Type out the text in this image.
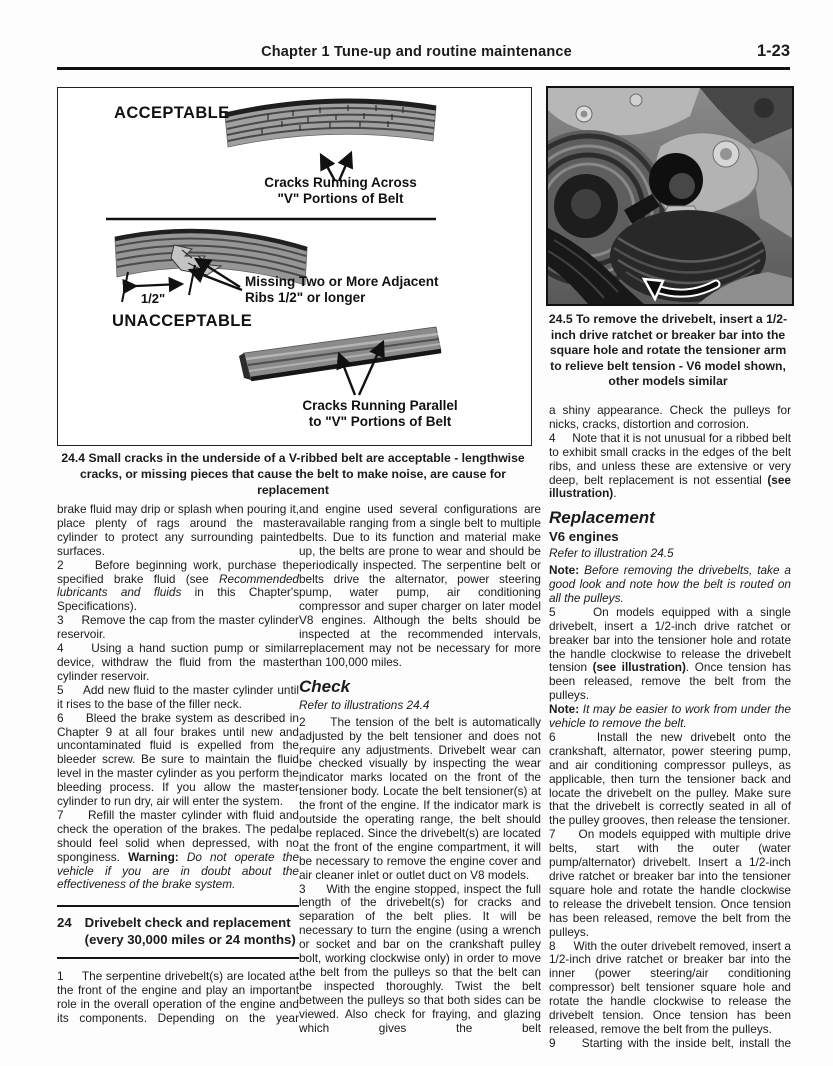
Chapter 1 Tune-up and routine maintenance	1-23
ACCEPTABLE
Cracks Running Across
"V" Portions of Belt
Missing Two or More Adjacent
Ribs 1/2" or longer
1/2"
UNACCEPTABLE
Cracks Running Parallel
to "V" Portions of Belt
24.4 Small cracks in the underside of a V-ribbed belt are acceptable - lengthwise cracks, or missing pieces that cause the belt to make noise, are cause for replacement
24.5 To remove the drivebelt, insert a 1/2-inch drive ratchet or breaker bar into the square hole and rotate the tensioner arm to relieve belt tension - V6 model shown, other models similar
brake fluid may drip or splash when pouring it, place plenty of rags around the master cylinder to protect any surrounding painted surfaces.
2     Before beginning work, purchase the specified brake fluid (see Recommended lubricants and fluids in this Chapter's Specifications).
3     Remove the cap from the master cylinder reservoir.
4     Using a hand suction pump or similar device, withdraw the fluid from the master cylinder reservoir.
5     Add new fluid to the master cylinder until it rises to the base of the filler neck.
6     Bleed the brake system as described in Chapter 9 at all four brakes until new and uncontaminated fluid is expelled from the bleeder screw. Be sure to maintain the fluid level in the master cylinder as you perform the bleeding process. If you allow the master cylinder to run dry, air will enter the system.
7     Refill the master cylinder with fluid and check the operation of the brakes. The pedal should feel solid when depressed, with no sponginess. Warning: Do not operate the vehicle if you are in doubt about the effectiveness of the brake system.
24 Drivebelt check and replacement
(every 30,000 miles or 24 months)
1     The serpentine drivebelt(s) are located at the front of the engine and play an important role in the overall operation of the engine and its components. Depending on the year
and engine used several configurations are available ranging from a single belt to multiple belts. Due to its function and material make up, the belts are prone to wear and should be periodically inspected. The serpentine belt or belts drive the alternator, power steering pump, water pump, air conditioning compressor and super charger on later model V8 engines. Although the belts should be inspected at the recommended intervals, replacement may not be necessary for more than 100,000 miles.
Check
Refer to illustrations 24.4
2     The tension of the belt is automatically adjusted by the belt tensioner and does not require any adjustments. Drivebelt wear can be checked visually by inspecting the wear indicator marks located on the front of the tensioner body. Locate the belt tensioner(s) at the front of the engine. If the indicator mark is outside the operating range, the belt should be replaced. Since the drivebelt(s) are located at the front of the engine compartment, it will be necessary to remove the engine cover and air cleaner inlet or outlet duct on V8 models.
3     With the engine stopped, inspect the full length of the drivebelt(s) for cracks and separation of the belt plies. It will be necessary to turn the engine (using a wrench or socket and bar on the crankshaft pulley bolt, working clockwise only) in order to move the belt from the pulleys so that the belt can be inspected thoroughly. Twist the belt between the pulleys so that both sides can be viewed. Also check for fraying, and glazing which gives the belt
a shiny appearance. Check the pulleys for nicks, cracks, distortion and corrosion.
4     Note that it is not unusual for a ribbed belt to exhibit small cracks in the edges of the belt ribs, and unless these are extensive or very deep, belt replacement is not essential (see illustration).
Replacement
V6 engines
Refer to illustration 24.5
Note: Before removing the drivebelts, take a good look and note how the belt is routed on all the pulleys.
5     On models equipped with a single drivebelt, insert a 1/2-inch drive ratchet or breaker bar into the tensioner hole and rotate the handle clockwise to release the drivebelt tension (see illustration). Once tension has been released, remove the belt from the pulleys.
Note: It may be easier to work from under the vehicle to remove the belt.
6     Install the new drivebelt onto the crankshaft, alternator, power steering pump, and air conditioning compressor pulleys, as applicable, then turn the tensioner back and locate the drivebelt on the pulley. Make sure that the drivebelt is correctly seated in all of the pulley grooves, then release the tensioner.
7     On models equipped with multiple drive belts, start with the outer (water pump/alternator) drivebelt. Insert a 1/2-inch drive ratchet or breaker bar into the tensioner square hole and rotate the handle clockwise to release the drivebelt tension. Once tension has been released, remove the belt from the pulleys.
8     With the outer drivebelt removed, insert a 1/2-inch drive ratchet or breaker bar into the inner (power steering/air conditioning compressor) belt tensioner square hole and rotate the handle clockwise to release the drivebelt tension. Once tension has been released, remove the belt from the pulleys.
9     Starting with the inside belt, install the
